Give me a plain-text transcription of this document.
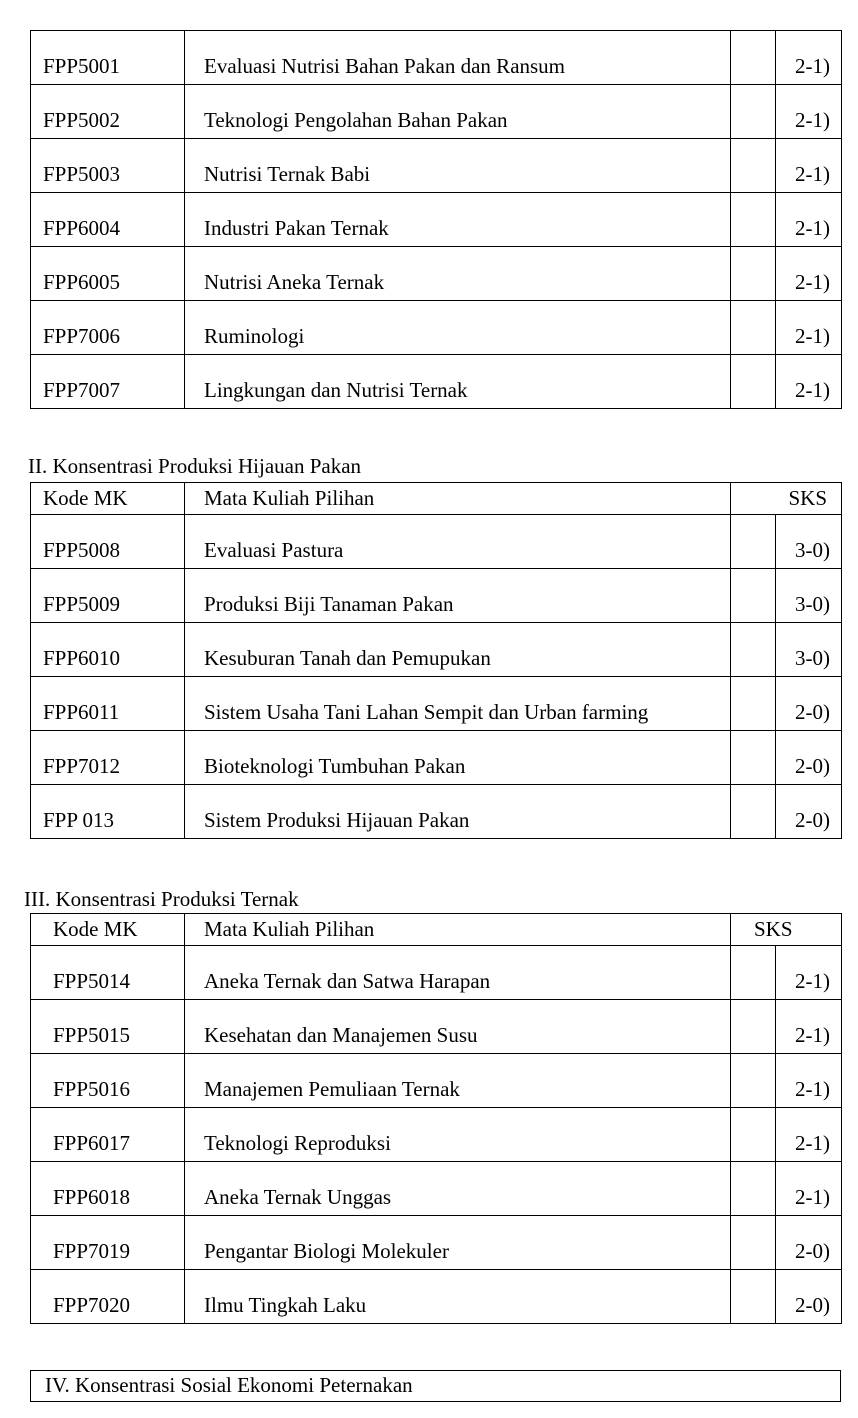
FPP5001	Evaluasi Nutrisi Bahan Pakan dan Ransum		2-1)
FPP5002	Teknologi Pengolahan Bahan Pakan		2-1)
FPP5003	Nutrisi Ternak Babi		2-1)
FPP6004	Industri Pakan Ternak		2-1)
FPP6005	Nutrisi Aneka Ternak		2-1)
FPP7006	Ruminologi		2-1)
FPP7007	Lingkungan dan Nutrisi Ternak		2-1)
II. Konsentrasi Produksi Hijauan Pakan
Kode MK	Mata Kuliah Pilihan	SKS	
FPP5008	Evaluasi Pastura		3-0)
FPP5009	Produksi Biji Tanaman Pakan		3-0)
FPP6010	Kesuburan Tanah dan Pemupukan		3-0)
FPP6011	Sistem Usaha Tani Lahan Sempit dan Urban farming		2-0)
FPP7012	Bioteknologi Tumbuhan Pakan		2-0)
FPP 013	Sistem Produksi Hijauan Pakan		2-0)
III. Konsentrasi Produksi Ternak
Kode MK	Mata Kuliah Pilihan	SKS	
FPP5014	Aneka Ternak dan Satwa Harapan		2-1)
FPP5015	Kesehatan dan Manajemen Susu		2-1)
FPP5016	Manajemen Pemuliaan Ternak		2-1)
FPP6017	Teknologi Reproduksi		2-1)
FPP6018	Aneka Ternak Unggas		2-1)
FPP7019	Pengantar Biologi Molekuler		2-0)
FPP7020	Ilmu Tingkah Laku		2-0)
IV. Konsentrasi Sosial Ekonomi Peternakan
